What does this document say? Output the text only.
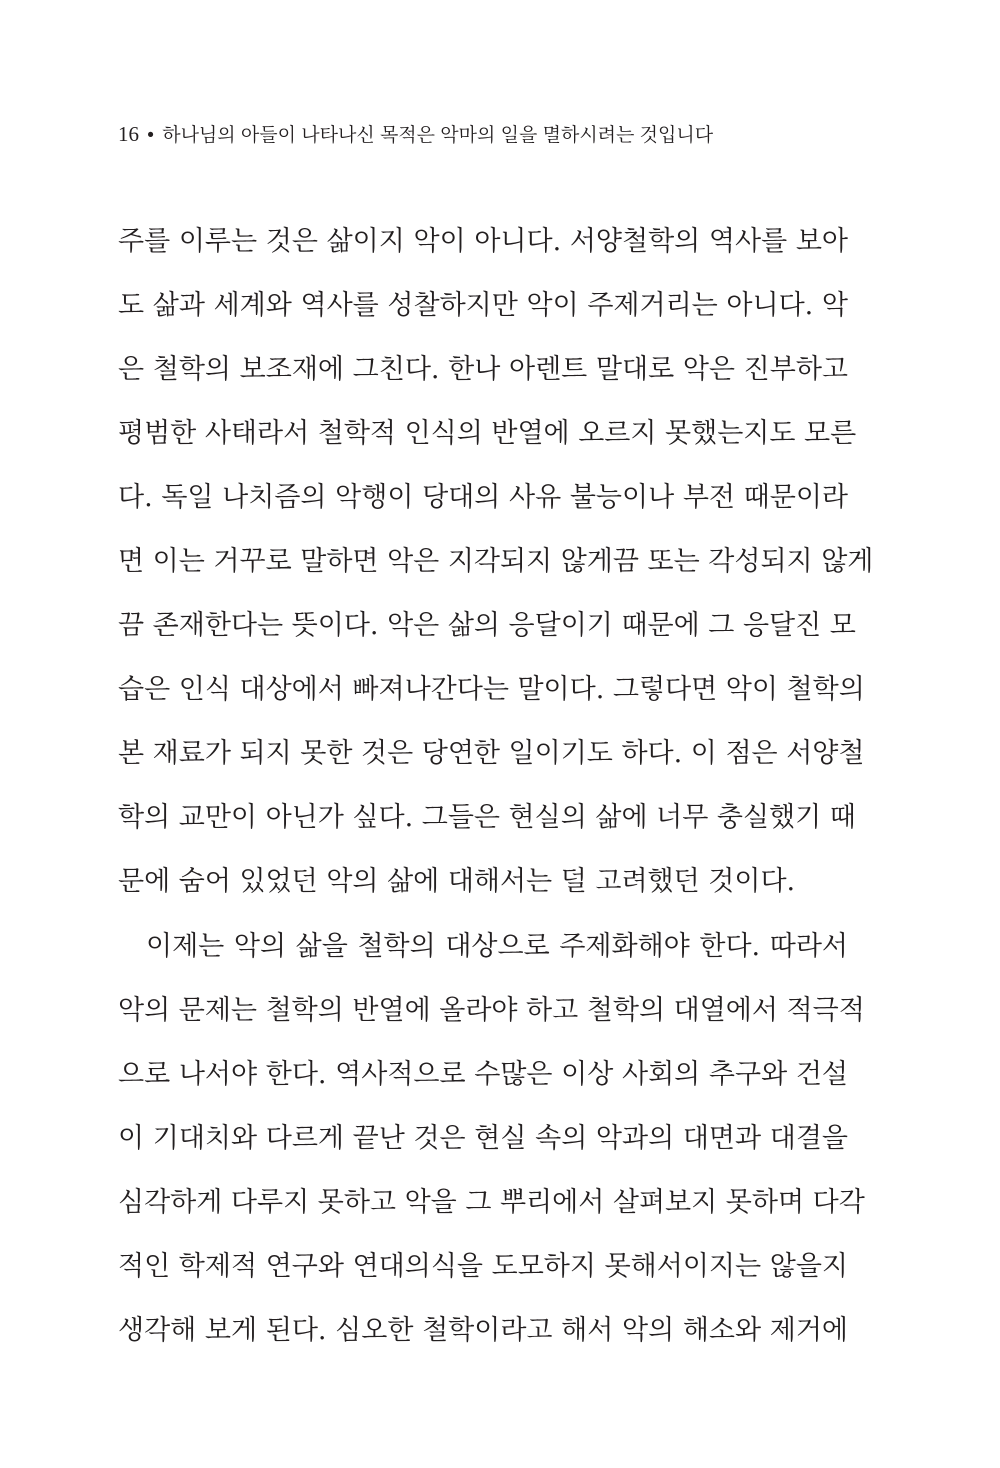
16 • 하나님의 아들이 나타나신 목적은 악마의 일을 멸하시려는 것입니다
주를 이루는 것은 삶이지 악이 아니다. 서양철학의 역사를 보아
도 삶과 세계와 역사를 성찰하지만 악이 주제거리는 아니다. 악
은 철학의 보조재에 그친다. 한나 아렌트 말대로 악은 진부하고
평범한 사태라서 철학적 인식의 반열에 오르지 못했는지도 모른
다. 독일 나치즘의 악행이 당대의 사유 불능이나 부전 때문이라
면 이는 거꾸로 말하면 악은 지각되지 않게끔 또는 각성되지 않게
끔 존재한다는 뜻이다. 악은 삶의 응달이기 때문에 그 응달진 모
습은 인식 대상에서 빠져나간다는 말이다. 그렇다면 악이 철학의
본 재료가 되지 못한 것은 당연한 일이기도 하다. 이 점은 서양철
학의 교만이 아닌가 싶다. 그들은 현실의 삶에 너무 충실했기 때
문에 숨어 있었던 악의 삶에 대해서는 덜 고려했던 것이다.
이제는 악의 삶을 철학의 대상으로 주제화해야 한다. 따라서
악의 문제는 철학의 반열에 올라야 하고 철학의 대열에서 적극적
으로 나서야 한다. 역사적으로 수많은 이상 사회의 추구와 건설
이 기대치와 다르게 끝난 것은 현실 속의 악과의 대면과 대결을
심각하게 다루지 못하고 악을 그 뿌리에서 살펴보지 못하며 다각
적인 학제적 연구와 연대의식을 도모하지 못해서이지는 않을지
생각해 보게 된다. 심오한 철학이라고 해서 악의 해소와 제거에
